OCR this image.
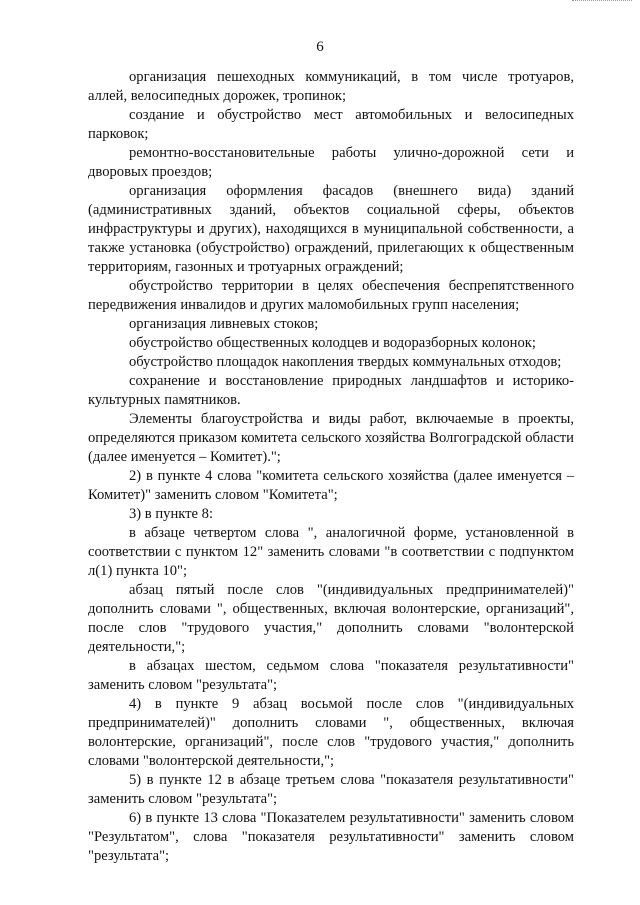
6

организация пешеходных коммуникаций, в том числе тротуаров, аллей, велосипедных дорожек, тропинок;

создание и обустройство мест автомобильных и велосипедных парковок;

ремонтно-восстановительные работы улично-дорожной сети и дворовых проездов;

организация оформления фасадов (внешнего вида) зданий (административных зданий, объектов социальной сферы, объектов инфраструктуры и других), находящихся в муниципальной собственности, а также установка (обустройство) ограждений, прилегающих к общественным территориям, газонных и тротуарных ограждений;

обустройство территории в целях обеспечения беспрепятственного передвижения инвалидов и других маломобильных групп населения;

организация ливневых стоков;

обустройство общественных колодцев и водоразборных колонок;

обустройство площадок накопления твердых коммунальных отходов;

сохранение и восстановление природных ландшафтов и историко-культурных памятников.

Элементы благоустройства и виды работ, включаемые в проекты, определяются приказом комитета сельского хозяйства Волгоградской области (далее именуется – Комитет).";

2) в пункте 4 слова "комитета сельского хозяйства (далее именуется – Комитет)" заменить словом "Комитета";

3) в пункте 8:

в абзаце четвертом слова ", аналогичной форме, установленной в соответствии с пунктом 12" заменить словами "в соответствии с подпунктом л(1) пункта 10";

абзац пятый после слов "(индивидуальных предпринимателей)" дополнить словами ", общественных, включая волонтерские, организаций", после слов "трудового участия," дополнить словами "волонтерской деятельности,";

в абзацах шестом, седьмом слова "показателя результативности" заменить словом "результата";

4) в пункте 9 абзац восьмой после слов "(индивидуальных предпринимателей)" дополнить словами ", общественных, включая волонтерские, организаций", после слов "трудового участия," дополнить словами "волонтерской деятельности,";

5) в пункте 12 в абзаце третьем слова "показателя результативности" заменить словом "результата";

6) в пункте 13 слова "Показателем результативности" заменить словом "Результатом", слова "показателя результативности" заменить словом "результата";
